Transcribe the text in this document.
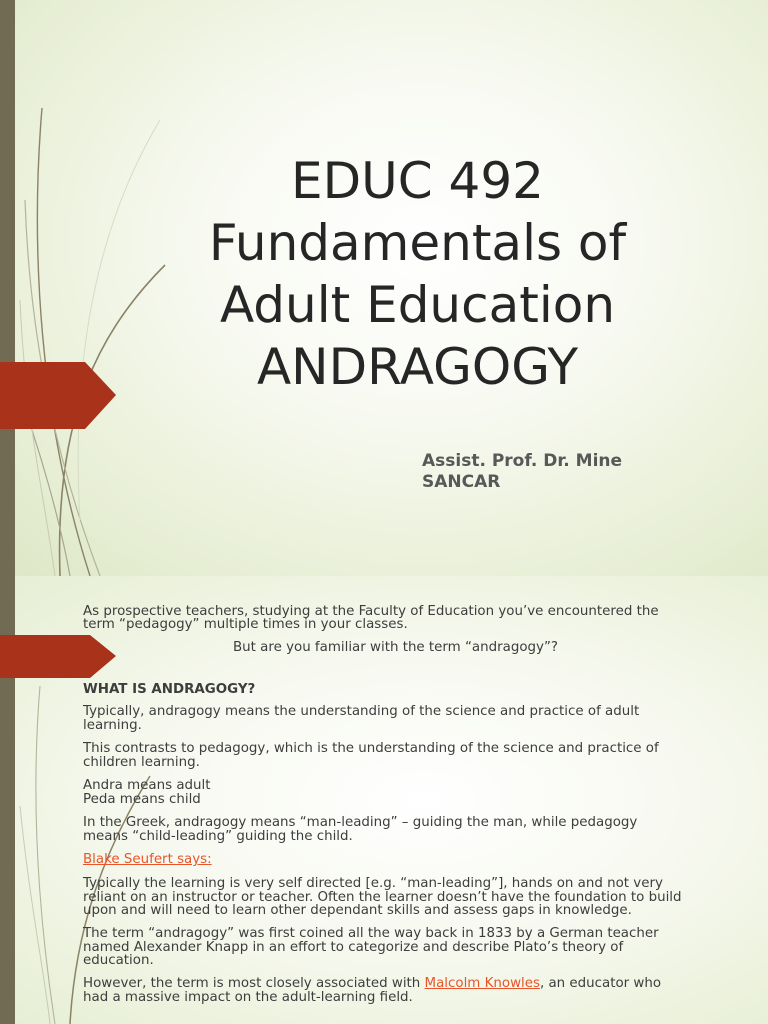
EDUC 492
Fundamentals of
Adult Education
ANDRAGOGY
Assist. Prof. Dr. Mine
SANCAR
As prospective teachers, studying at the Faculty of Education you’ve encountered the
term “pedagogy” multiple times in your classes.
But are you familiar with the term “andragogy”?
WHAT IS ANDRAGOGY?
Typically, andragogy means the understanding of the science and practice of adult
learning.
This contrasts to pedagogy, which is the understanding of the science and practice of
children learning.
Andra means adult
Peda means child
In the Greek, andragogy means “man-leading” – guiding the man, while pedagogy
means “child-leading” guiding the child.
Blake Seufert says:
Typically the learning is very self directed [e.g. “man-leading”], hands on and not very
reliant on an instructor or teacher. Often the learner doesn’t have the foundation to build
upon and will need to learn other dependant skills and assess gaps in knowledge.
The term “andragogy” was first coined all the way back in 1833 by a German teacher
named Alexander Knapp in an effort to categorize and describe Plato’s theory of
education.
However, the term is most closely associated with Malcolm Knowles, an educator who
had a massive impact on the adult-learning field.
